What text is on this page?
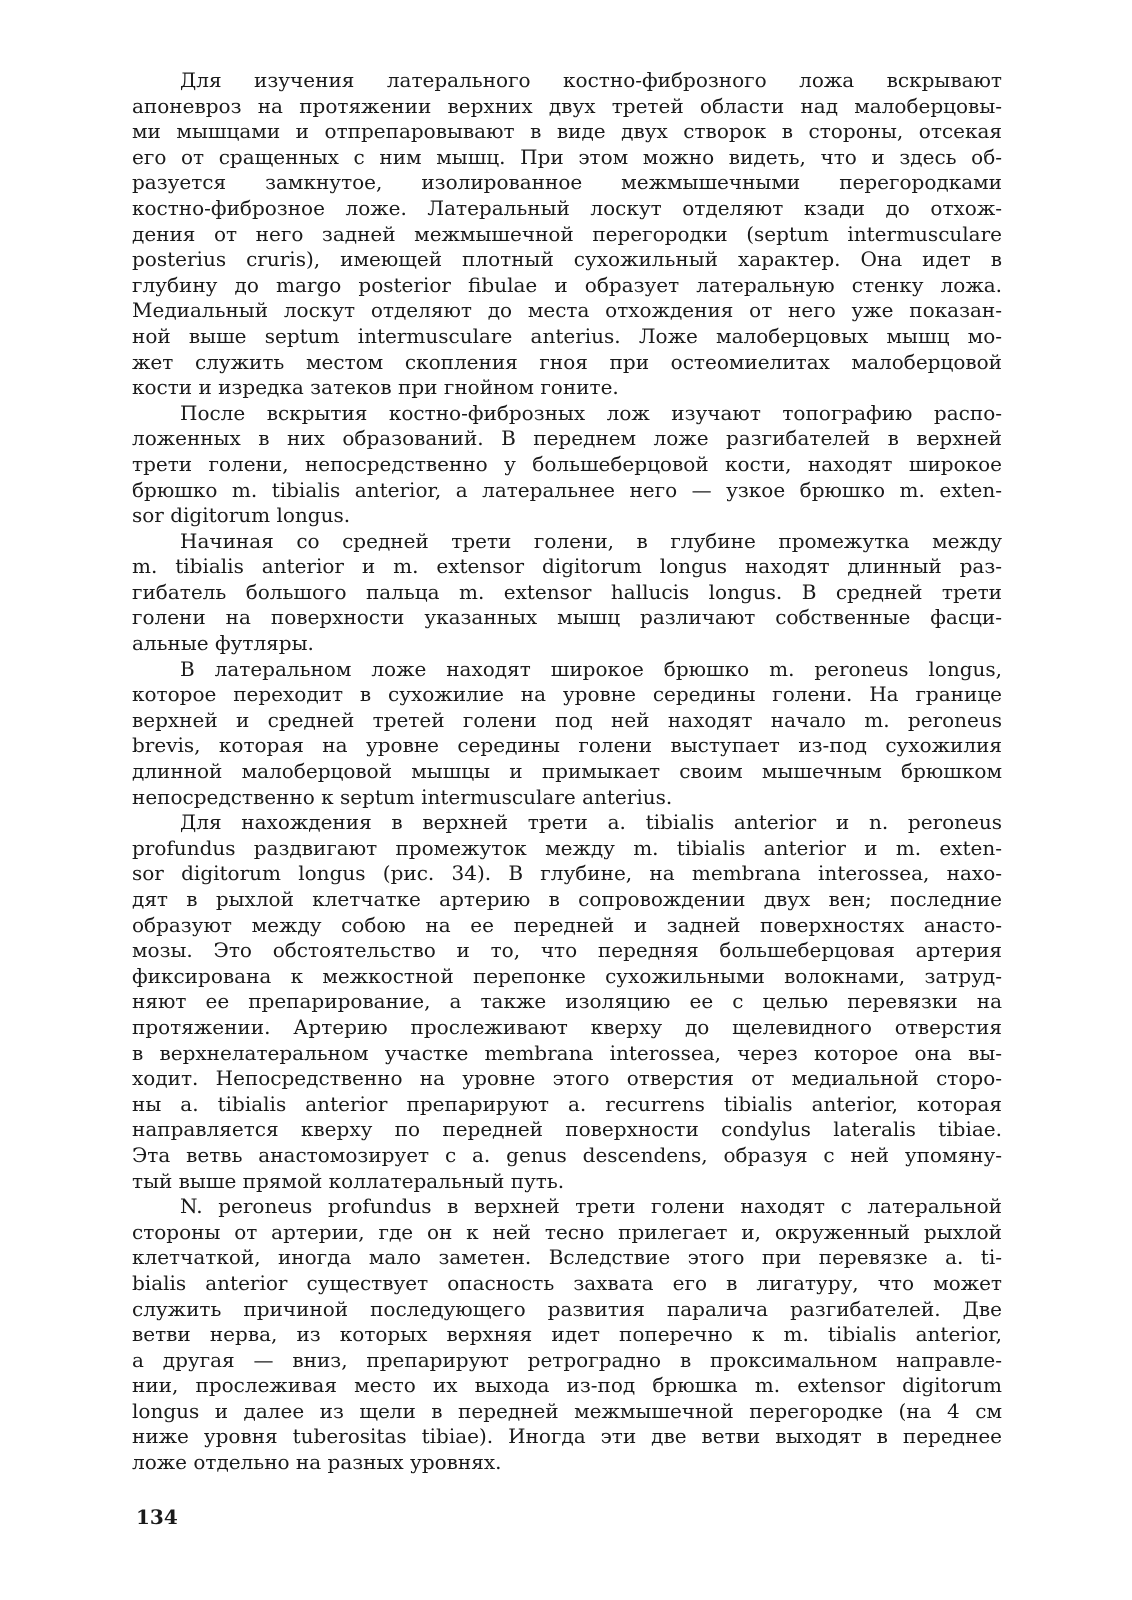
Для изучения латерального костно-фиброзного ложа вскрывают
апоневроз на протяжении верхних двух третей области над малоберцовы-
ми мышцами и отпрепаровывают в виде двух створок в стороны, отсекая
его от сращенных с ним мышц. При этом можно видеть, что и здесь об-
разуется замкнутое, изолированное межмышечными перегородками
костно-фиброзное ложе. Латеральный лоскут отделяют кзади до отхож-
дения от него задней межмышечной перегородки (septum intermusculare
posterius cruris), имеющей плотный сухожильный характер. Она идет в
глубину до margo posterior fibulae и образует латеральную стенку ложа.
Медиальный лоскут отделяют до места отхождения от него уже показан-
ной выше septum intermusculare anterius. Ложе малоберцовых мышц мо-
жет служить местом скопления гноя при остеомиелитах малоберцовой
кости и изредка затеков при гнойном гоните.
После вскрытия костно-фиброзных лож изучают топографию распо-
ложенных в них образований. В переднем ложе разгибателей в верхней
трети голени, непосредственно у большеберцовой кости, находят широкое
брюшко m. tibialis anterior, а латеральнее него — узкое брюшко m. exten-
sor digitorum longus.
Начиная со средней трети голени, в глубине промежутка между
m. tibialis anterior и m. extensor digitorum longus находят длинный раз-
гибатель большого пальца m. extensor hallucis longus. В средней трети
голени на поверхности указанных мышц различают собственные фасци-
альные футляры.
В латеральном ложе находят широкое брюшко m. peroneus longus,
которое переходит в сухожилие на уровне середины голени. На границе
верхней и средней третей голени под ней находят начало m. peroneus
brevis, которая на уровне середины голени выступает из-под сухожилия
длинной малоберцовой мышцы и примыкает своим мышечным брюшком
непосредственно к septum intermusculare anterius.
Для нахождения в верхней трети a. tibialis anterior и n. peroneus
profundus раздвигают промежуток между m. tibialis anterior и m. exten-
sor digitorum longus (рис. 34). В глубине, на membrana interossea, нахо-
дят в рыхлой клетчатке артерию в сопровождении двух вен; последние
образуют между собою на ее передней и задней поверхностях анасто-
мозы. Это обстоятельство и то, что передняя большеберцовая артерия
фиксирована к межкостной перепонке сухожильными волокнами, затруд-
няют ее препарирование, а также изоляцию ее с целью перевязки на
протяжении. Артерию прослеживают кверху до щелевидного отверстия
в верхнелатеральном участке membrana interossea, через которое она вы-
ходит. Непосредственно на уровне этого отверстия от медиальной сторо-
ны a. tibialis anterior препарируют a. recurrens tibialis anterior, которая
направляется кверху по передней поверхности condylus lateralis tibiae.
Эта ветвь анастомозирует с a. genus descendens, образуя с ней упомяну-
тый выше прямой коллатеральный путь.
N. peroneus profundus в верхней трети голени находят с латеральной
стороны от артерии, где он к ней тесно прилегает и, окруженный рыхлой
клетчаткой, иногда мало заметен. Вследствие этого при перевязке a. ti-
bialis anterior существует опасность захвата его в лигатуру, что может
служить причиной последующего развития паралича разгибателей. Две
ветви нерва, из которых верхняя идет поперечно к m. tibialis anterior,
а другая — вниз, препарируют ретроградно в проксимальном направле-
нии, прослеживая место их выхода из-под брюшка m. extensor digitorum
longus и далее из щели в передней межмышечной перегородке (на 4 см
ниже уровня tuberositas tibiae). Иногда эти две ветви выходят в переднее
ложе отдельно на разных уровнях.
134
